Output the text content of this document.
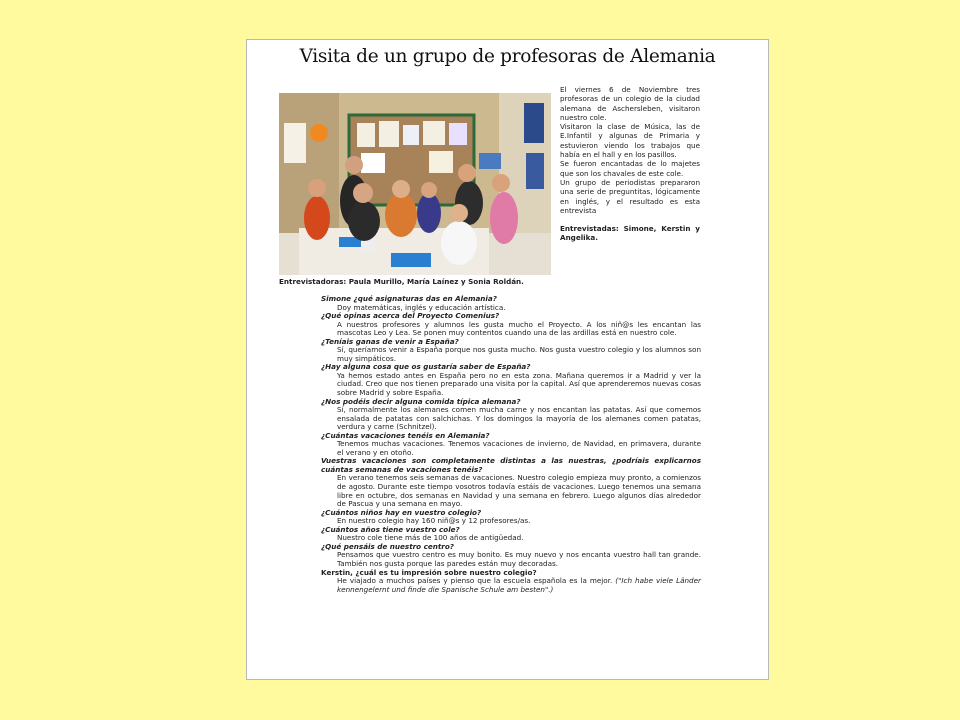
Visita de un grupo de profesoras de Alemania

El viernes 6 de Noviembre tres profesoras de un colegio de la ciudad alemana de Aschersleben, visitaron nuestro cole.

Visitaron la clase de Música, las de E.Infantil y algunas de Primaria y estuvieron viendo los trabajos que había en el hall y en los pasillos.

Se fueron encantadas de lo majetes que son los chavales de este cole.

Un grupo de periodistas prepararon una serie de preguntitas, lógicamente en inglés, y el resultado es esta entrevista

Entrevistadas: Simone, Kerstin y Angelika.

Entrevistadoras: Paula Murillo, María Laínez y Sonia Roldán.

Simone ¿qué asignaturas das en Alemania?

Doy matemáticas, inglés y educación artística.

¿Qué opinas acerca del Proyecto Comenius?

A nuestros profesores y alumnos les gusta mucho el Proyecto. A los niñ@s les encantan las mascotas Leo y Lea. Se ponen muy contentos cuando una de las ardillas está en nuestro cole.

¿Teníais ganas de venir a España?

Sí, queríamos venir a España porque nos gusta mucho. Nos gusta vuestro colegio y los alumnos son muy simpáticos.

¿Hay alguna cosa que os gustaría saber de España?

Ya hemos estado antes en España pero no en esta zona. Mañana queremos ir a Madrid y ver la ciudad. Creo que nos tienen preparado una visita por la capital. Así que aprenderemos nuevas cosas sobre Madrid y sobre España.

¿Nos podéis decir alguna comida típica alemana?

Sí, normalmente los alemanes comen mucha carne y nos encantan las patatas. Así que comemos ensalada de patatas con salchichas. Y los domingos la mayoría de los alemanes comen patatas, verdura y carne (Schnitzel).

¿Cuántas vacaciones tenéis en Alemania?

Tenemos muchas vacaciones. Tenemos vacaciones de invierno, de Navidad, en primavera, durante el verano y en otoño.

Vuestras vacaciones son completamente distintas a las nuestras, ¿podríais explicarnos cuántas semanas de vacaciones tenéis?

En verano tenemos seis semanas de vacaciones. Nuestro colegio empieza muy pronto, a comienzos de agosto. Durante este tiempo vosotros todavía estáis de vacaciones. Luego tenemos una semana libre en octubre, dos semanas en Navidad y una semana en febrero. Luego algunos días alrededor de Pascua y una semana en mayo.

¿Cuántos niños hay en vuestro colegio?

En nuestro colegio hay 160 niñ@s y 12 profesores/as.

¿Cuántos años tiene vuestro cole?

Nuestro cole tiene más de 100 años de antigüedad.

¿Qué pensáis de nuestro centro?

Pensamos que vuestro centro es muy bonito. Es muy nuevo y nos encanta vuestro hall tan grande. También nos gusta porque las paredes están muy decoradas.

Kerstin, ¿cuál es tu impresión sobre nuestro colegio?

He viajado a muchos países y pienso que la escuela española es la mejor. ("Ich habe viele Länder kennengelernt und finde die Spanische Schule am besten".)
